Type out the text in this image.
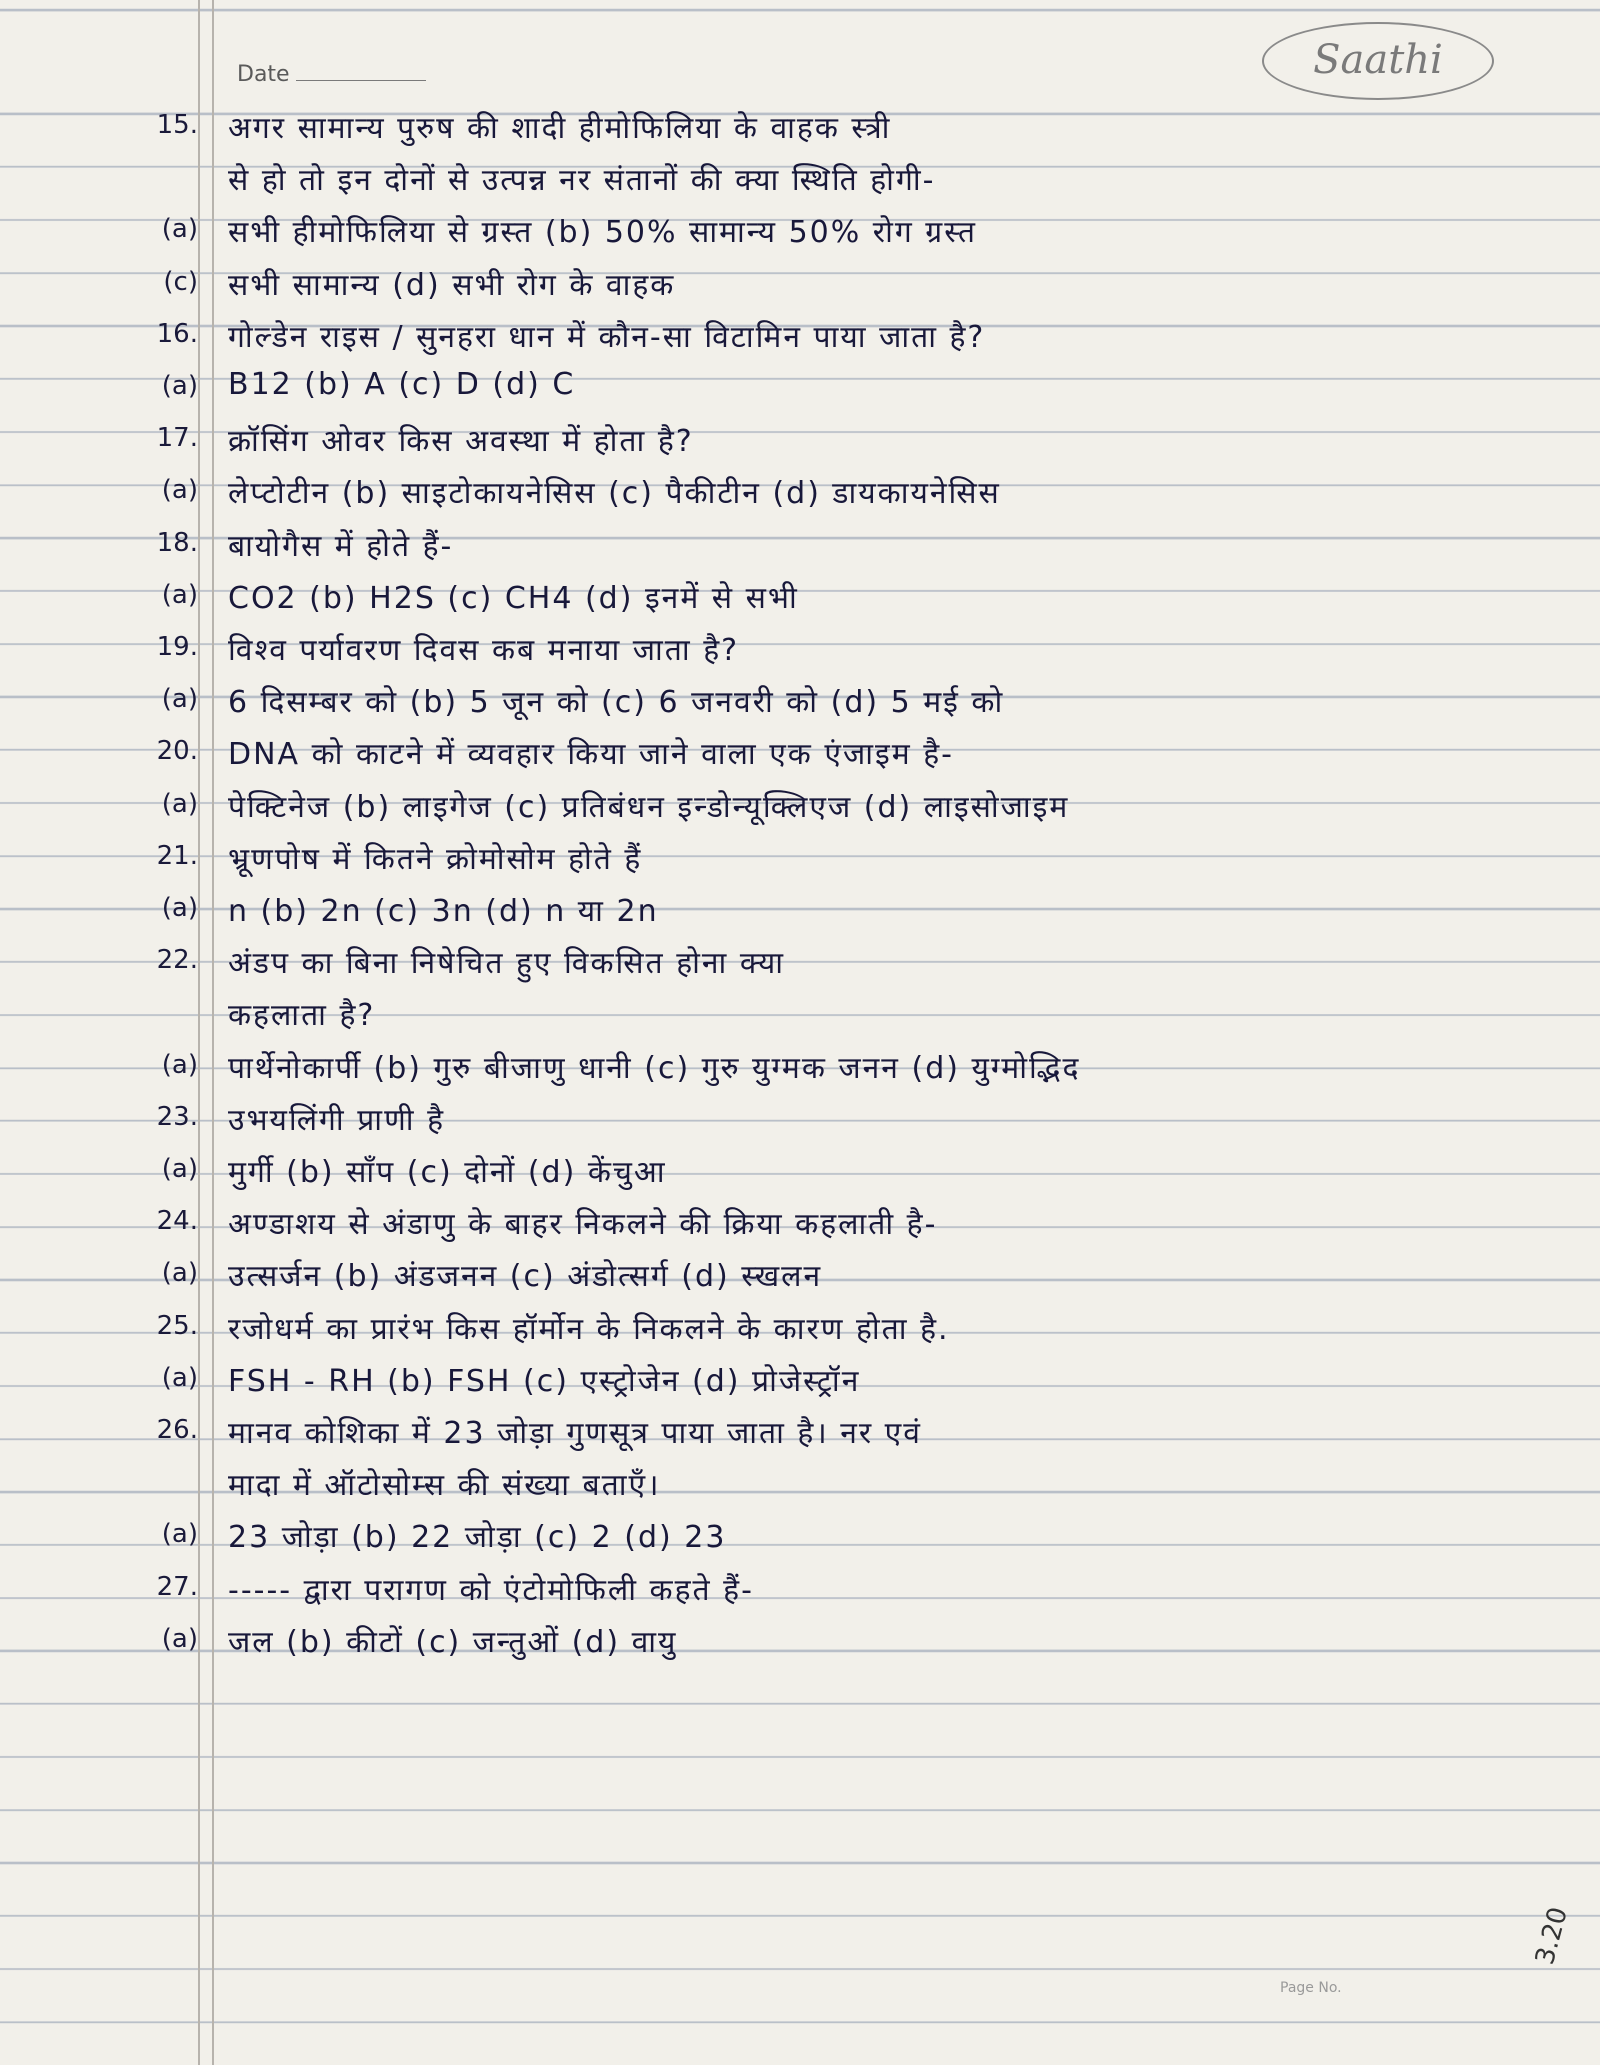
Date	Saathi
15. अगर सामान्य पुरुष की शादी हीमोफिलिया के वाहक स्त्री
से हो तो इन दोनों से उत्पन्न नर संतानों की क्या स्थिति होगी-
(a) सभी हीमोफिलिया से ग्रस्त (b) 50% सामान्य 50% रोग ग्रस्त
(c) सभी सामान्य (d) सभी रोग के वाहक
16. गोल्डेन राइस / सुनहरा धान में कौन-सा विटामिन पाया जाता है?
(a) B12 (b) A (c) D (d) C
17. क्रॉसिंग ओवर किस अवस्था में होता है?
(a) लेप्टोटीन (b) साइटोकायनेसिस (c) पैकीटीन (d) डायकायनेसिस
18. बायोगैस में होते हैं-
(a) CO2 (b) H2S (c) CH4 (d) इनमें से सभी
19. विश्व पर्यावरण दिवस कब मनाया जाता है?
(a) 6 दिसम्बर को (b) 5 जून को (c) 6 जनवरी को (d) 5 मई को
20. DNA को काटने में व्यवहार किया जाने वाला एक एंजाइम है-
(a) पेक्टिनेज (b) लाइगेज (c) प्रतिबंधन इन्डोन्यूक्लिएज (d) लाइसोजाइम
21. भ्रूणपोष में कितने क्रोमोसोम होते हैं
(a) n (b) 2n (c) 3n (d) n या 2n
22. अंडप का बिना निषेचित हुए विकसित होना क्या
कहलाता है?
(a) पार्थेनोकार्पी (b) गुरु बीजाणु धानी (c) गुरु युग्मक जनन (d) युग्मोद्भिद
23. उभयलिंगी प्राणी है
(a) मुर्गी (b) साँप (c) दोनों (d) केंचुआ
24. अण्डाशय से अंडाणु के बाहर निकलने की क्रिया कहलाती है-
(a) उत्सर्जन (b) अंडजनन (c) अंडोत्सर्ग (d) स्खलन
25. रजोधर्म का प्रारंभ किस हॉर्मोन के निकलने के कारण होता है.
(a) FSH - RH (b) FSH (c) एस्ट्रोजेन (d) प्रोजेस्ट्रॉन
26. मानव कोशिका में 23 जोड़ा गुणसूत्र पाया जाता है। नर एवं
मादा में ऑटोसोम्स की संख्या बताएँ।
(a) 23 जोड़ा (b) 22 जोड़ा (c) 2 (d) 23
27. ----- द्वारा परागण को एंटोमोफिली कहते हैं-
(a) जल (b) कीटों (c) जन्तुओं (d) वायु
Page No.
3.20
